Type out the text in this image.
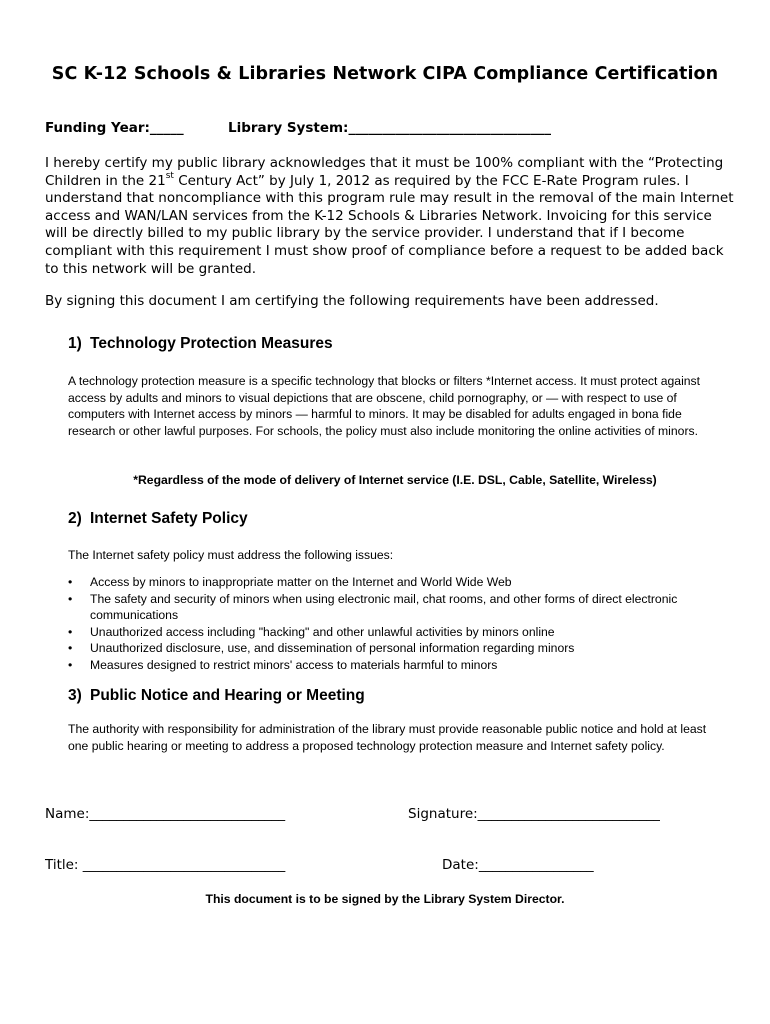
SC K-12 Schools & Libraries Network CIPA Compliance Certification
Funding Year:_____	Library System:______________________________

I hereby certify my public library acknowledges that it must be 100% compliant with the “Protecting Children in the 21st Century Act” by July 1, 2012 as required by the FCC E-Rate Program rules. I understand that noncompliance with this program rule may result in the removal of the main Internet access and WAN/LAN services from the K-12 Schools & Libraries Network. Invoicing for this service will be directly billed to my public library by the service provider. I understand that if I become compliant with this requirement I must show proof of compliance before a request to be added back to this network will be granted.

By signing this document I am certifying the following requirements have been addressed.

1) Technology Protection Measures

A technology protection measure is a specific technology that blocks or filters *Internet access. It must protect against access by adults and minors to visual depictions that are obscene, child pornography, or — with respect to use of computers with Internet access by minors — harmful to minors. It may be disabled for adults engaged in bona fide research or other lawful purposes. For schools, the policy must also include monitoring the online activities of minors.

*Regardless of the mode of delivery of Internet service (I.E. DSL, Cable, Satellite, Wireless)
2) Internet Safety Policy

The Internet safety policy must address the following issues:

• Access by minors to inappropriate matter on the Internet and World Wide Web
• The safety and security of minors when using electronic mail, chat rooms, and other forms of direct electronic communications
• Unauthorized access including "hacking" and other unlawful activities by minors online
• Unauthorized disclosure, use, and dissemination of personal information regarding minors
• Measures designed to restrict minors' access to materials harmful to minors
3) Public Notice and Hearing or Meeting

The authority with responsibility for administration of the library must provide reasonable public notice and hold at least one public hearing or meeting to address a proposed technology protection measure and Internet safety policy.

Name:_____________________________	Signature:___________________________
Title: ______________________________	Date:_________________
This document is to be signed by the Library System Director.
